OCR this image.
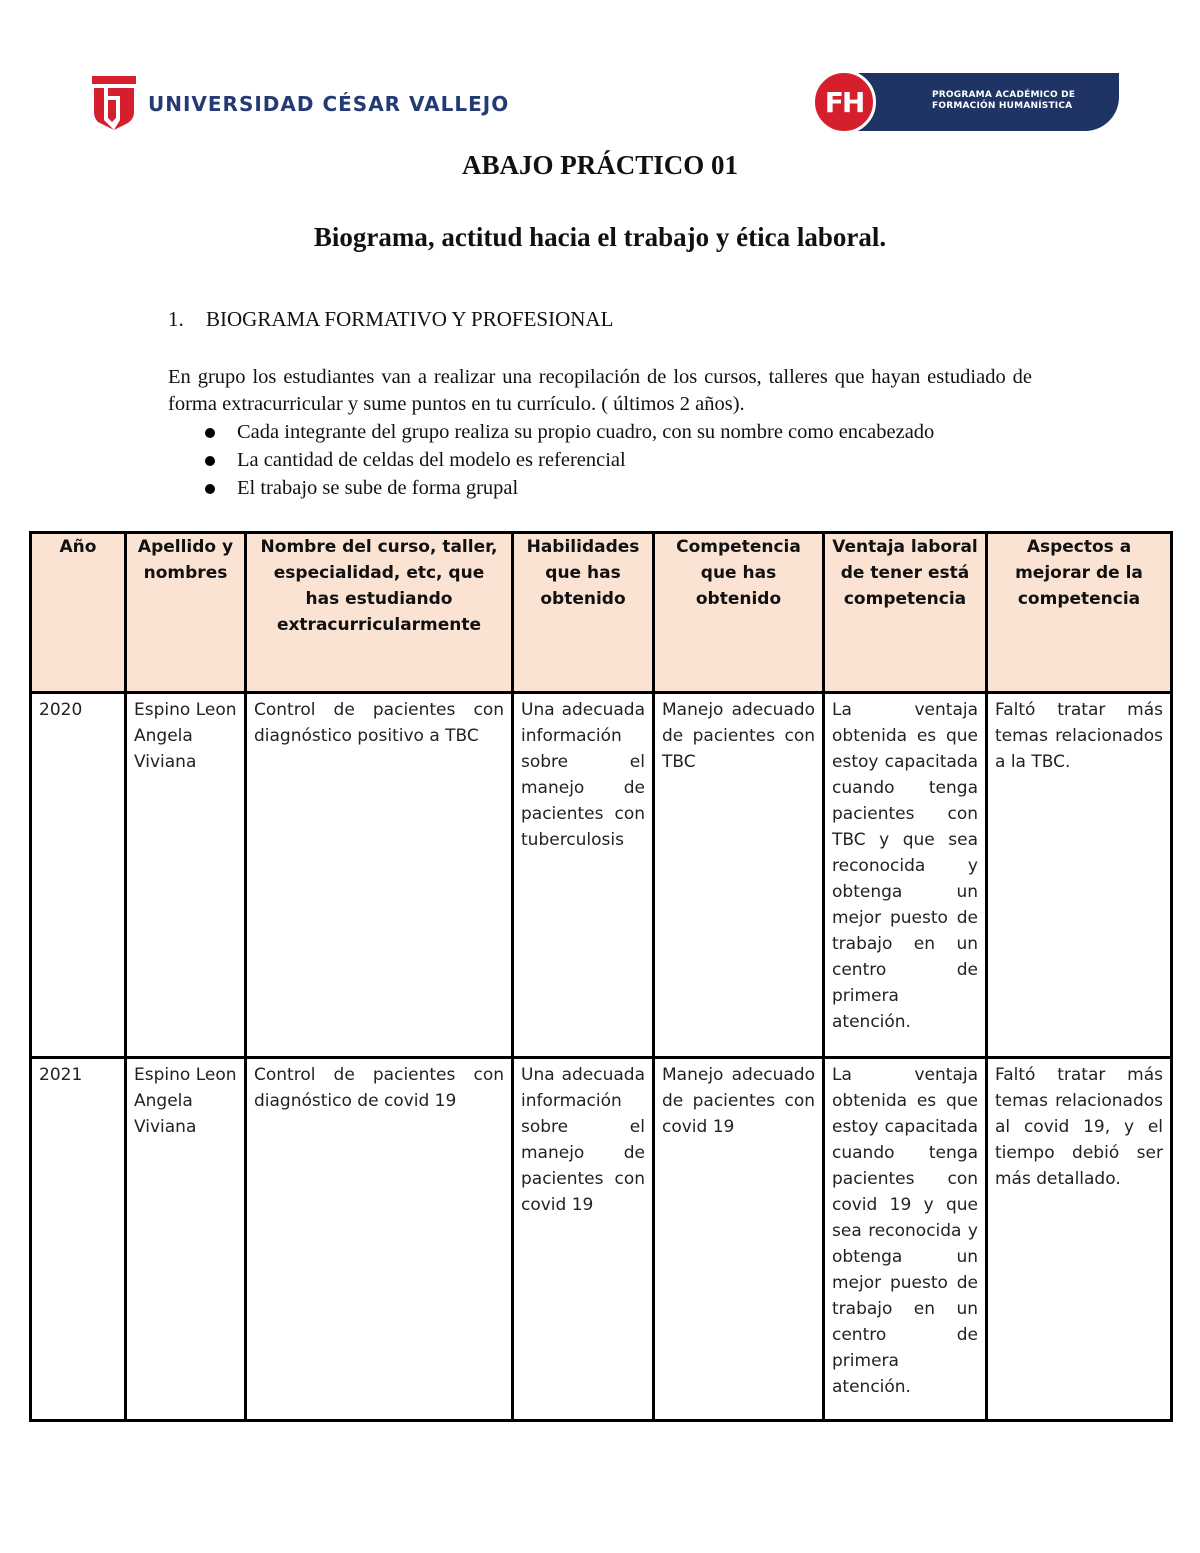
UNIVERSIDAD CÉSAR VALLEJO	FH	PROGRAMA ACADÉMICO DE
FORMACIÓN HUMANÍSTICA
ABAJO PRÁCTICO 01
Biograma, actitud hacia el trabajo y ética laboral.
1. BIOGRAMA FORMATIVO Y PROFESIONAL
En grupo los estudiantes van a realizar una recopilación de los cursos, talleres que hayan estudiado de forma extracurricular y sume puntos en tu currículo. ( últimos 2 años).
Cada integrante del grupo realiza su propio cuadro, con su nombre como encabezado
La cantidad de celdas del modelo es referencial
El trabajo se sube de forma grupal
Año	Apellido y nombres	Nombre del curso, taller, especialidad, etc, que has estudiando extracurricularmente	Habilidades que has obtenido	Competencia que has obtenido	Ventaja laboral de tener está competencia	Aspectos a mejorar de la competencia
2020	Espino Leon Angela Viviana	Control de pacientes con diagnóstico positivo a TBC	Una adecuada información sobre el manejo de pacientes con tuberculosis	Manejo adecuado de pacientes con TBC	La ventaja obtenida es que estoy capacitada cuando tenga pacientes con TBC y que sea reconocida y obtenga un mejor puesto de trabajo en un centro de primera atención.	Faltó tratar más temas relacionados a la TBC.
2021	Espino Leon Angela Viviana	Control de pacientes con diagnóstico de covid 19	Una adecuada información sobre el manejo de pacientes con covid 19	Manejo adecuado de pacientes con covid 19	La ventaja obtenida es que estoy capacitada cuando tenga pacientes con covid 19 y que sea reconocida y obtenga un mejor puesto de trabajo en un centro de primera atención.	Faltó tratar más temas relacionados al covid 19, y el tiempo debió ser más detallado.
